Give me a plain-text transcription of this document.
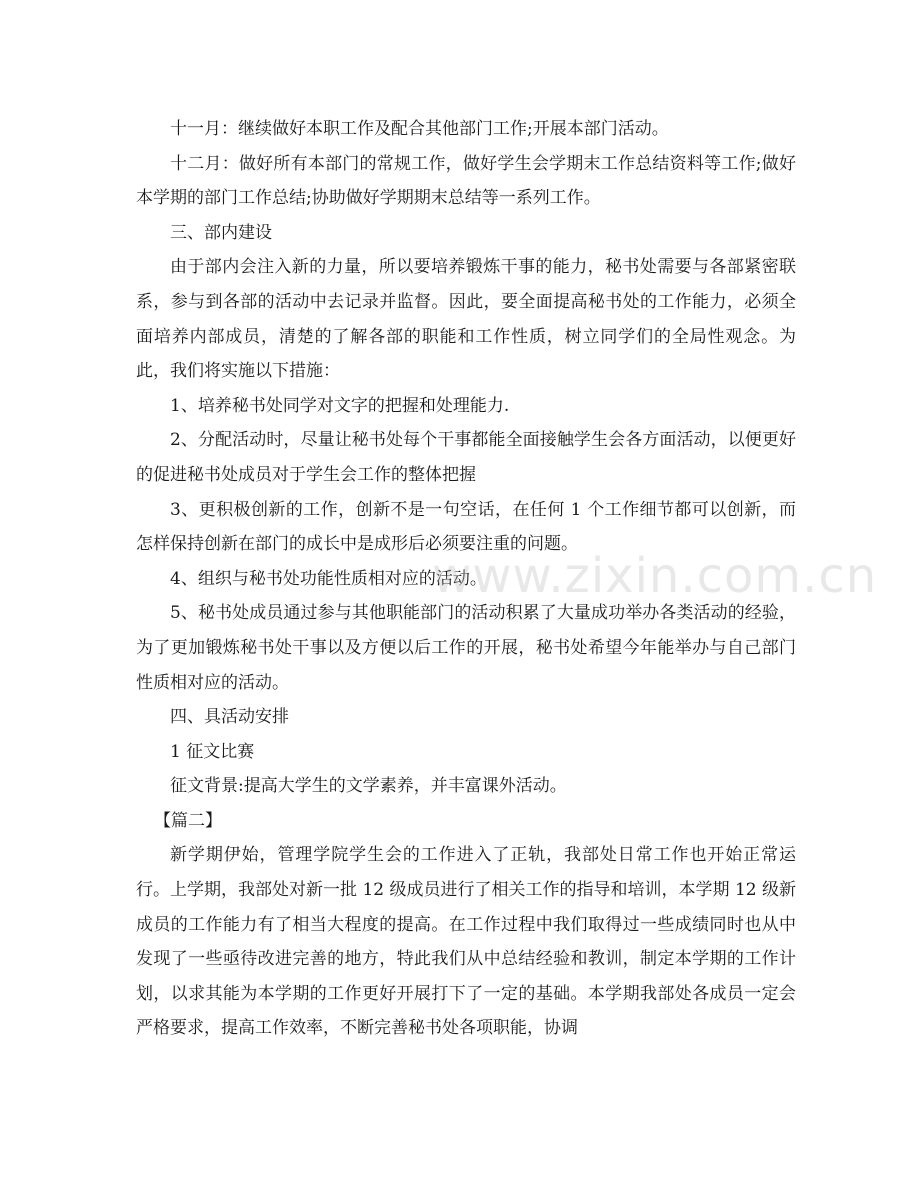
十一月：继续做好本职工作及配合其他部门工作;开展本部门活动。

十二月：做好所有本部门的常规工作，做好学生会学期末工作总结资料等工作;做好本学期的部门工作总结;协助做好学期期末总结等一系列工作。

三、部内建设

由于部内会注入新的力量，所以要培养锻炼干事的能力，秘书处需要与各部紧密联系，参与到各部的活动中去记录并监督。因此，要全面提高秘书处的工作能力，必须全面培养内部成员，清楚的了解各部的职能和工作性质，树立同学们的全局性观念。为此，我们将实施以下措施：

1、培养秘书处同学对文字的把握和处理能力.

2、分配活动时，尽量让秘书处每个干事都能全面接触学生会各方面活动，以便更好的促进秘书处成员对于学生会工作的整体把握

3、更积极创新的工作，创新不是一句空话，在任何 1 个工作细节都可以创新，而怎样保持创新在部门的成长中是成形后必须要注重的问题。

4、组织与秘书处功能性质相对应的活动。

5、秘书处成员通过参与其他职能部门的活动积累了大量成功举办各类活动的经验，为了更加锻炼秘书处干事以及方便以后工作的开展，秘书处希望今年能举办与自己部门性质相对应的活动。

四、具活动安排

1 征文比赛

征文背景:提高大学生的文学素养，并丰富课外活动。

【篇二】

新学期伊始，管理学院学生会的工作进入了正轨，我部处日常工作也开始正常运行。上学期，我部处对新一批 12 级成员进行了相关工作的指导和培训，本学期 12 级新成员的工作能力有了相当大程度的提高。在工作过程中我们取得过一些成绩同时也从中发现了一些亟待改进完善的地方，特此我们从中总结经验和教训，制定本学期的工作计划，以求其能为本学期的工作更好开展打下了一定的基础。本学期我部处各成员一定会严格要求，提高工作效率，不断完善秘书处各项职能，协调

www.zixin.com.cn
